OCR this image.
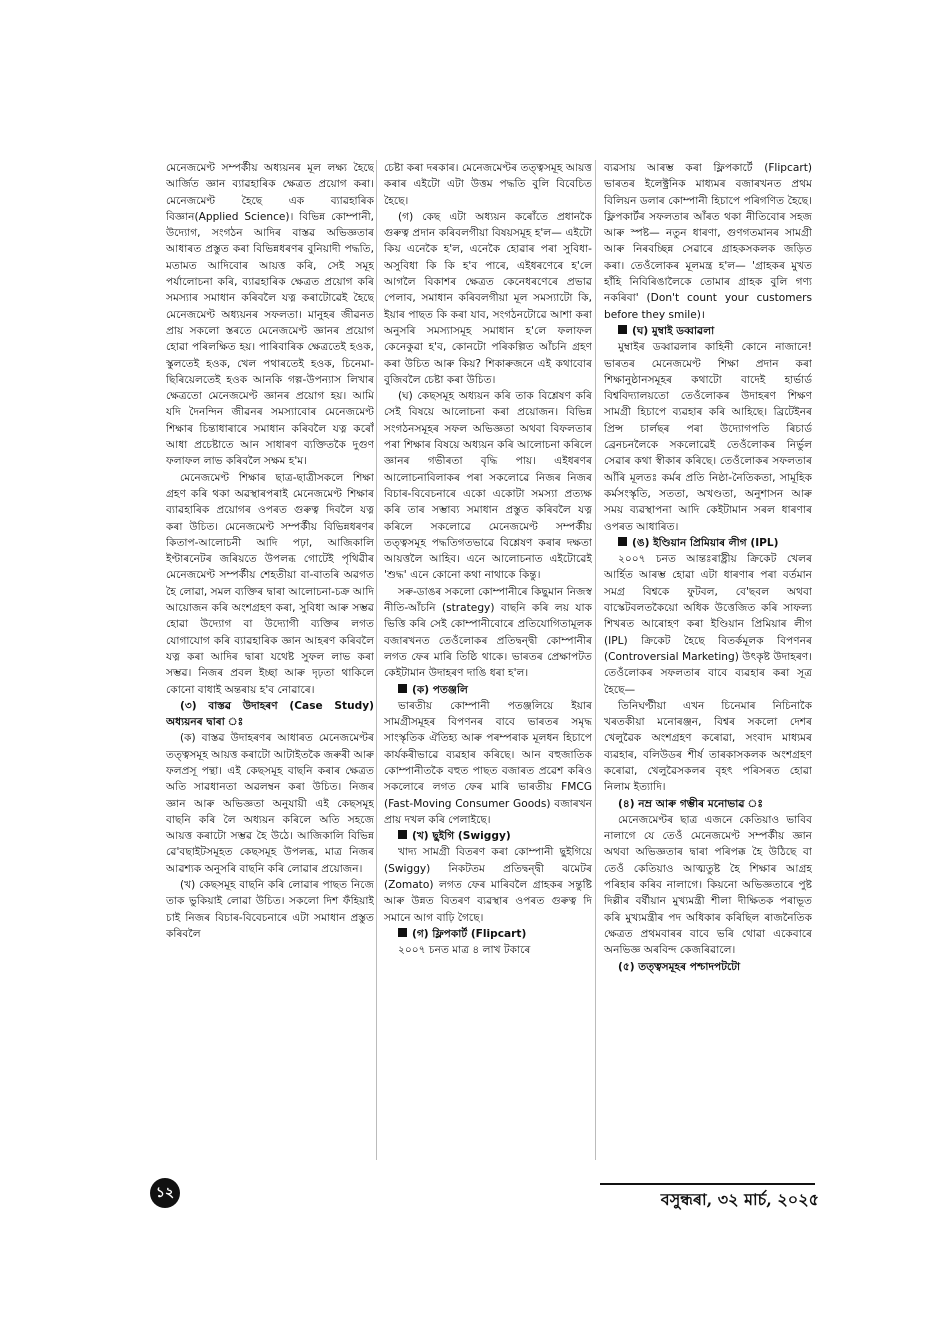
মেনেজমেণ্ট সম্পৰ্কীয় অধ্যয়নৰ মূল লক্ষ্য হৈছে আৰ্জিত জ্ঞান ব্যাৱহাৰিক ক্ষেত্ৰত প্ৰয়োগ কৰা। মেনেজমেণ্ট হৈছে এক ব্যাৱহাৰিক বিজ্ঞান(Applied Science)। বিভিন্ন কোম্পানী, উদ্যোগ, সংগঠন আদিৰ বাস্তৱ অভিজ্ঞতাৰ আধাৰত প্ৰস্তুত কৰা বিভিন্নধৰণৰ বুনিয়াদী পদ্ধতি, মতামত আদিবোৰ আয়ত্ত কৰি, সেই সমূহ পৰ্যালোচনা কৰি, ব্যাৱহাৰিক ক্ষেত্ৰত প্ৰয়োগ কৰি সমস্যাৰ সমাধান কৰিবলৈ যত্ন কৰাটোৱেই হৈছে মেনেজমেণ্ট অধ্যয়নৰ সফলতা। মানুহৰ জীৱনত প্ৰায় সকলো স্তৰতে মেনেজমেণ্ট জ্ঞানৰ প্ৰয়োগ হোৱা পৰিলক্ষিত হয়। পাৰিবাৰিক ক্ষেত্ৰতেই হওক, স্কুলতেই হওক, খেল পথাৰতেই হওক, চিনেমা-ছিৰিয়েলতেই হওক আনকি গল্প-উপন্যাস লিখাৰ ক্ষেত্ৰতো মেনেজমেণ্ট জ্ঞানৰ প্ৰয়োগ হয়। আমি যদি দৈনন্দিন জীৱনৰ সমস্যাবোৰ মেনেজমেণ্ট শিক্ষাৰ চিন্তাধাৰাৰে সমাধান কৰিবলৈ যত্ন কৰোঁ আধা প্ৰচেষ্টাতে আন সাধাৰণ ব্যক্তিতকৈ দুগুণ ফলাফল লাভ কৰিবলৈ সক্ষম হ'ম।

মেনেজমেণ্ট শিক্ষাৰ ছাত্ৰ-ছাত্ৰীসকলে শিক্ষা গ্ৰহণ কৰি থকা অৱস্থাৰপৰাই মেনেজমেণ্ট শিক্ষাৰ ব্যাৱহাৰিক প্ৰয়োগৰ ওপৰত গুৰুত্ব দিবলৈ যত্ন কৰা উচিত। মেনেজমেণ্ট সম্পৰ্কীয় বিভিন্নধৰণৰ কিতাপ-আলোচনী আদি পঢ়া, আজিকালি ইণ্টাৰনেটৰ জৰিয়তে উপলব্ধ গোটেই পৃথিৱীৰ মেনেজমেণ্ট সম্পৰ্কীয় শেহতীয়া বা-বাতৰি অৱগত হৈ লোৱা, সমল ব্যক্তিৰ দ্বাৰা আলোচনা-চক্ৰ আদি আয়োজন কৰি অংশগ্ৰহণ কৰা, সুবিধা আৰু সম্ভৱ হোৱা উদ্যোগ বা উদ্যোগী ব্যক্তিৰ লগত যোগাযোগ কৰি ব্যাৱহাৰিক জ্ঞান আহৰণ কৰিবলৈ যত্ন কৰা আদিৰ দ্বাৰা যথেষ্ট সুফল লাভ কৰা সম্ভৱ। নিজৰ প্ৰবল ইচ্ছা আৰু দৃঢ়তা থাকিলে কোনো বাধাই অন্তৰায় হ'ব নোৱাৰে।

(৩) বাস্তৱ উদাহৰণ (Case Study) অধ্যয়নৰ দ্বাৰা ঃ

(ক) বাস্তৱ উদাহৰণৰ আধাৰত মেনেজমেণ্টৰ তত্ত্বসমূহ আয়ত্ত কৰাটো আটাইতকৈ জৰুৰী আৰু ফলপ্ৰসূ পন্থা। এই কেছসমূহ বাছনি কৰাৰ ক্ষেত্ৰত অতি সাৱধানতা অৱলম্বন কৰা উচিত। নিজৰ জ্ঞান আৰু অভিজ্ঞতা অনুযায়ী এই কেছসমূহ বাছনি কৰি লৈ অধ্যয়ন কৰিলে অতি সহজে আয়ত্ত কৰাটো সম্ভৱ হৈ উঠে। আজিকালি বিভিন্ন ৱে'বছাইটসমূহত কেছসমূহ উপলব্ধ, মাত্ৰ নিজৰ আৱশ্যক অনুসৰি বাছনি কৰি লোৱাৰ প্ৰয়োজন।

(খ) কেছসমূহ বাছনি কৰি লোৱাৰ পাছত নিজে তাক ভুকিয়াই লোৱা উচিত। সকলো দিশ ফঁহিয়াই চাই নিজৰ বিচাৰ-বিবেচনাৰে এটা সমাধান প্ৰস্তুত কৰিবলৈ

চেষ্টা কৰা দৰকাৰ। মেনেজমেণ্টৰ তত্ত্বসমূহ আয়ত্ত কৰাৰ এইটো এটা উত্তম পদ্ধতি বুলি বিবেচিত হৈছে।

(গ) কেছ এটা অধ্যয়ন কৰোঁতে প্ৰধানকৈ গুৰুত্ব প্ৰদান কৰিবলগীয়া বিষয়সমূহ হ'ল— এইটো কিয় এনেকৈ হ'ল, এনেকৈ হোৱাৰ পৰা সুবিধা-অসুবিধা কি কি হ'ব পাৰে, এইধৰণেৰে হ'লে আগলৈ বিকাশৰ ক্ষেত্ৰত কেনেধৰণেৰে প্ৰভাৱ পেলাব, সমাধান কৰিবলগীয়া মূল সমস্যাটো কি, ইয়াৰ পাছত কি কৰা যাব, সংগঠনটোৱে আশা কৰা অনুসৰি সমস্যাসমূহ সমাধান হ'লে ফলাফল কেনেকুৱা হ'ব, কোনটো পৰিকল্পিত আঁচনি গ্ৰহণ কৰা উচিত আৰু কিয়? শিকাৰুজনে এই কথাবোৰ বুজিবলৈ চেষ্টা কৰা উচিত।

(ঘ) কেছসমূহ অধ্যয়ন কৰি তাক বিশ্লেষণ কৰি সেই বিষয়ে আলোচনা কৰা প্ৰয়োজন। বিভিন্ন সংগঠনসমূহৰ সফল অভিজ্ঞতা অথবা বিফলতাৰ পৰা শিক্ষাৰ বিষয়ে অধ্যয়ন কৰি আলোচনা কৰিলে জ্ঞানৰ গভীৰতা বৃদ্ধি পায়। এইধৰণৰ আলোচনাবিলাকৰ পৰা সকলোৱে নিজৰ নিজৰ বিচাৰ-বিবেচনাৰে একো একোটা সমস্যা প্ৰত্যক্ষ কৰি তাৰ সম্ভাব্য সমাধান প্ৰস্তুত কৰিবলৈ যত্ন কৰিলে সকলোৱে মেনেজমেণ্ট সম্পৰ্কীয় তত্ত্বসমূহ পদ্ধতিগতভাৱে বিশ্লেষণ কৰাৰ দক্ষতা আয়ত্তলৈ আহিব। এনে আলোচনাত এইটোৱেই 'শুদ্ধ' এনে কোনো কথা নাথাকে কিন্তু।

সৰু-ডাঙৰ সকলো কোম্পানীৰে কিছুমান নিজস্ব নীতি-আঁচনি (strategy) বাছনি কৰি লয় যাক ভিত্তি কৰি সেই কোম্পানীবোৰে প্ৰতিযোগিতামূলক বজাৰখনত তেওঁলোকৰ প্ৰতিদ্বন্দ্বী কোম্পানীৰ লগত ফেৰ মাৰি তিষ্ঠি থাকে। ভাৰতৰ প্ৰেক্ষাপটত কেইটামান উদাহৰণ দাঙি ধৰা হ'ল।

(ক) পতঞ্জলি

ভাৰতীয় কোম্পানী পতঞ্জলিয়ে ইয়াৰ সামগ্ৰীসমূহৰ বিপণনৰ বাবে ভাৰতৰ সমৃদ্ধ সাংস্কৃতিক ঐতিহ্য আৰু পৰম্পৰাক মূলধন হিচাপে কাৰ্যকৰীভাৱে ব্যৱহাৰ কৰিছে। আন বহুজাতিক কোম্পানীতকৈ বহুত পাছত বজাৰত প্ৰৱেশ কৰিও সকলোৰে লগত ফেৰ মাৰি ভাৰতীয় FMCG (Fast-Moving Consumer Goods) বজাৰখন প্ৰায় দখল কৰি পেলাইছে।

(খ) ছুইগি (Swiggy)

খাদ্য সামগ্ৰী বিতৰণ কৰা কোম্পানী ছুইগিয়ে (Swiggy) নিকটতম প্ৰতিদ্বন্দ্বী ঝমেটৰ (Zomato) লগত ফেৰ মাৰিবলৈ গ্ৰাহকৰ সন্তুষ্টি আৰু উন্নত বিতৰণ ব্যৱস্থাৰ ওপৰত গুৰুত্ব দি সমানে আগ বাঢ়ি গৈছে।

(গ) ফ্লিপকাৰ্ট (Flipcart)

২০০৭ চনত মাত্ৰ ৪ লাখ টকাৰে

ব্যৱসায় আৰম্ভ কৰা ফ্লিপকাৰ্টে (Flipcart) ভাৰতৰ ইলেক্ট্ৰনিক মাধ্যমৰ বজাৰখনত প্ৰথম বিলিয়ন ডলাৰ কোম্পানী হিচাপে পৰিগণিত হৈছে। ফ্লিপকাৰ্টৰ সফলতাৰ আঁৰত থকা নীতিবোৰ সহজ আৰু স্পষ্ট— নতুন ধাৰণা, গুণগতমানৰ সামগ্ৰী আৰু নিৰবচ্ছিন্ন সেৱাৰে গ্ৰাহকসকলক জড়িত কৰা। তেওঁলোকৰ মূলমন্ত্ৰ হ'ল— 'গ্ৰাহকৰ মুখত হাঁহি নিবিৰিঙালৈকে তোমাৰ গ্ৰাহক বুলি গণ্য নকৰিবা' (Don't count your customers before they smile)।

(ঘ) মুম্বাই ডব্বাৱলা

মুম্বাইৰ ডব্বাৱলাৰ কাহিনী কোনে নাজানে! ভাৰতৰ মেনেজমেণ্ট শিক্ষা প্ৰদান কৰা শিক্ষানুষ্ঠানসমূহৰ কথাটো বাদেই হাৰ্ভাৰ্ড বিশ্ববিদ্যালয়তো তেওঁলোকৰ উদাহৰণ শিক্ষণ সামগ্ৰী হিচাপে ব্যৱহাৰ কৰি আহিছে। ব্ৰিটেইনৰ প্ৰিন্স চাৰ্লছৰ পৰা উদ্যোগপতি ৰিচাৰ্ড ব্ৰেনচনলৈকে সকলোৱেই তেওঁলোকৰ নিৰ্ভুল সেৱাৰ কথা স্বীকাৰ কৰিছে। তেওঁলোকৰ সফলতাৰ আঁৰি মূলতঃ কৰ্মৰ প্ৰতি নিষ্ঠা-নৈতিকতা, সামূহিক কৰ্মসংস্কৃতি, সততা, অখণ্ডতা, অনুশাসন আৰু সময় ব্যৱস্থাপনা আদি কেইটামান সৰল ধাৰণাৰ ওপৰত আধাৰিত।

(ঙ) ইণ্ডিয়ান প্ৰিমিয়াৰ লীগ (IPL)

২০০৭ চনত আন্তঃৰাষ্ট্ৰীয় ক্ৰিকেট খেলৰ আৰ্হিত আৰম্ভ হোৱা এটা ধাৰণাৰ পৰা বৰ্তমান সমগ্ৰ বিশ্বকে ফুটবল, বে'ছবল অথবা বাস্কেটবলতকৈয়ো অধিক উত্তেজিত কৰি সাফল্য শিখৰত আৰোহণ কৰা ইণ্ডিয়ান প্ৰিমিয়াৰ লীগ (IPL) ক্ৰিকেট হৈছে বিতৰ্কমূলক বিপণনৰ (Controversial Marketing) উৎকৃষ্ট উদাহৰণ। তেওঁলোকৰ সফলতাৰ বাবে ব্যৱহাৰ কৰা সূত্ৰ হৈছে—

তিনিঘণ্টীয়া এখন চিনেমাৰ নিচিনাকৈ খৰতকীয়া মনোৰঞ্জন, বিশ্বৰ সকলো দেশৰ খেলুৱৈক অংশগ্ৰহণ কৰোৱা, সংবাদ মাধ্যমৰ ব্যৱহাৰ, বলিউডৰ শীৰ্ষ তাৰকাসকলক অংশগ্ৰহণ কৰোৱা, খেলুৱৈসকলৰ বৃহৎ পৰিসৰত হোৱা নিলাম ইত্যাদি।

(৪) নম্ৰ আৰু গম্ভীৰ মনোভাৱ ঃ

মেনেজমেণ্টৰ ছাত্ৰ এজনে কেতিয়াও ভাবিব নালাগে যে তেওঁ মেনেজমেণ্ট সম্পৰ্কীয় জ্ঞান অথবা অভিজ্ঞতাৰ দ্বাৰা পৰিপক্ক হৈ উঠিছে বা তেওঁ কেতিয়াও আত্মতুষ্ট হৈ শিক্ষাৰ আগ্ৰহ পৰিহাৰ কৰিব নালাগে। কিয়নো অভিজ্ঞতাৰে পুষ্ট দিল্লীৰ বৰ্ষীয়ান মুখ্যমন্ত্ৰী শীলা দীক্ষিতক পৰাভূত কৰি মুখ্যমন্ত্ৰীৰ পদ অধিকাৰ কৰিছিল ৰাজনৈতিক ক্ষেত্ৰত প্ৰথমবাৰৰ বাবে ভৰি থোৱা একেবাৰে অনভিজ্ঞ অৰবিন্দ কেজৰিৱালে।

(৫) তত্ত্বসমূহৰ পশ্চাদপটটো

১২	বসুন্ধৰা, ৩২ মাৰ্চ, ২০২৫
